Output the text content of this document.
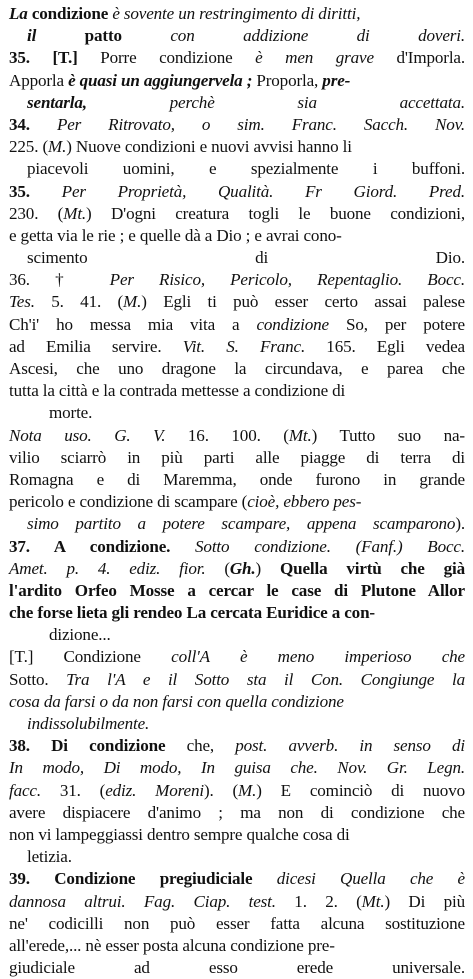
La condizione è sovente un restringimento di diritti,
il patto con addizione di doveri.
35. [T.] Porre condizione è men grave d'Imporla.
Apporla è quasi un aggiungervela ; Proporla, pre-
sentarla, perchè sia accettata.
34. Per Ritrovato, o sim. Franc. Sacch. Nov.
225. (M.) Nuove condizioni e nuovi avvisi hanno li
piacevoli uomini, e spezialmente i buffoni.
35. Per Proprietà, Qualità. Fr Giord. Pred.
230. (Mt.) D'ogni creatura togli le buone condizioni,
e getta via le rie ; e quelle dà a Dio ; e avrai cono-
scimento di Dio.
36. † Per Risico, Pericolo, Repentaglio. Bocc.
Tes. 5. 41. (M.) Egli ti può esser certo assai palese
Ch'i' ho messa mia vita a condizione So, per potere
ad Emilia servire. Vit. S. Franc. 165. Egli vedea
Ascesi, che uno dragone la circundava, e parea che
tutta la città e la contrada mettesse a condizione di
morte.
Nota uso. G. V. 16. 100. (Mt.) Tutto suo na-
vilio sciarrò in più parti alle piagge di terra di
Romagna e di Maremma, onde furono in grande
pericolo e condizione di scampare (cioè, ebbero pes-
simo partito a potere scampare, appena scamparono).
37. A condizione. Sotto condizione. (Fanf.) Bocc.
Amet. p. 4. ediz. fior. (Gh.) Quella virtù che già
l'ardito Orfeo Mosse a cercar le case di Plutone Allor
che forse lieta gli rendeo La cercata Euridice a con-
dizione...
[T.] Condizione coll'A è meno imperioso che
Sotto. Tra l'A e il Sotto sta il Con. Congiunge la
cosa da farsi o da non farsi con quella condizione
indissolubilmente.
38. Di condizione che, post. avverb. in senso di
In modo, Di modo, In guisa che. Nov. Gr. Legn.
facc. 31. (ediz. Moreni). (M.) E cominciò di nuovo
avere dispiacere d'animo ; ma non di condizione che
non vi lampeggiassi dentro sempre qualche cosa di
letizia.
39. Condizione pregiudiciale dicesi Quella che è
dannosa altrui. Fag. Ciap. test. 1. 2. (Mt.) Di più
ne' codicilli non può esser fatta alcuna sostituzione
all'erede,... nè esser posta alcuna condizione pre-
giudiciale ad esso erede universale.
